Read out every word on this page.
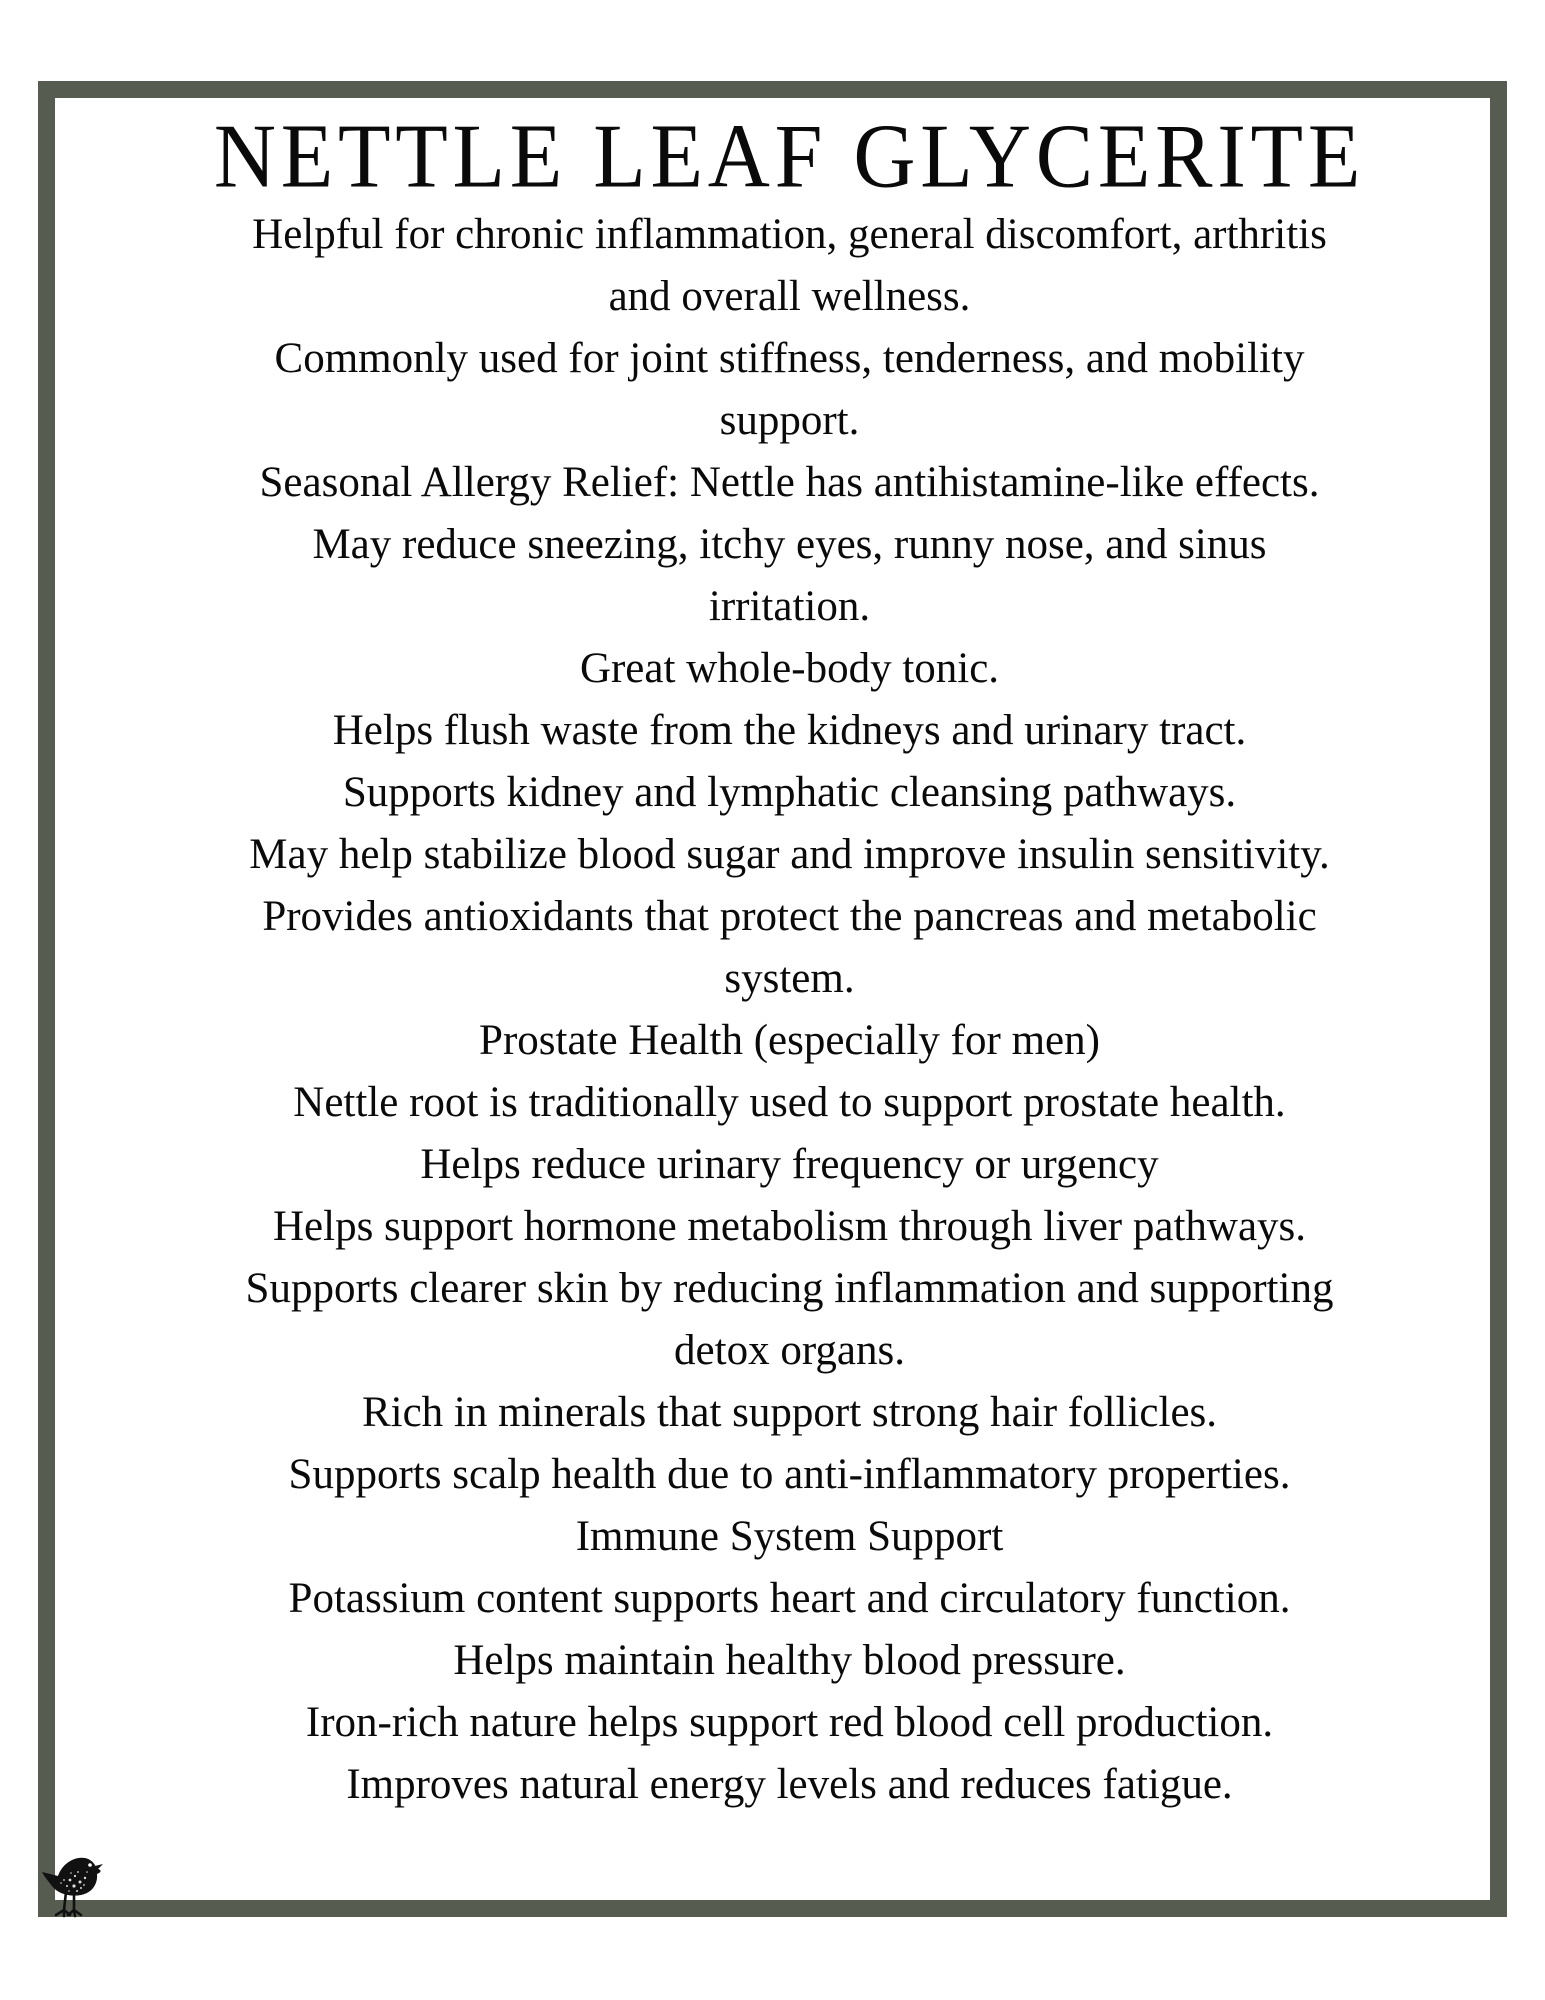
NETTLE LEAF GLYCERITE
Helpful for chronic inflammation, general discomfort, arthritis
and overall wellness.
Commonly used for joint stiffness, tenderness, and mobility
support.
Seasonal Allergy Relief: Nettle has antihistamine-like effects.
May reduce sneezing, itchy eyes, runny nose, and sinus
irritation.
Great whole-body tonic.
Helps flush waste from the kidneys and urinary tract.
Supports kidney and lymphatic cleansing pathways.
May help stabilize blood sugar and improve insulin sensitivity.
Provides antioxidants that protect the pancreas and metabolic
system.
Prostate Health (especially for men)
Nettle root is traditionally used to support prostate health.
Helps reduce urinary frequency or urgency
Helps support hormone metabolism through liver pathways.
Supports clearer skin by reducing inflammation and supporting
detox organs.
Rich in minerals that support strong hair follicles.
Supports scalp health due to anti-inflammatory properties.
Immune System Support
Potassium content supports heart and circulatory function.
Helps maintain healthy blood pressure.
Iron-rich nature helps support red blood cell production.
Improves natural energy levels and reduces fatigue.
